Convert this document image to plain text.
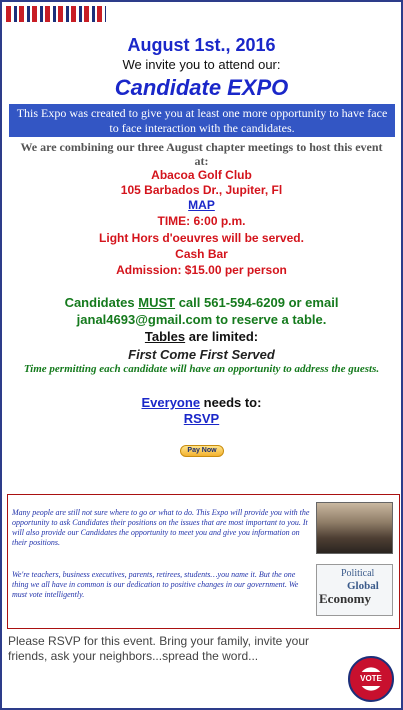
August 1st., 2016
We invite you to attend our:
Candidate EXPO
This Expo was created to give you at least one more opportunity to have face to face interaction with the candidates.
We are combining our three August chapter meetings to host this event at:
Abacoa Golf Club
105 Barbados Dr., Jupiter, Fl
MAP
TIME: 6:00 p.m.
Light Hors d'oeuvres will be served.
Cash Bar
Admission: $15.00 per person
Candidates MUST call 561-594-6209 or email
janal4693@gmail.com to reserve a table.
Tables are limited:
First Come First Served
Time permitting each candidate will have an opportunity to address the guests.
Everyone needs to:
RSVP
Pay Now
Many people are still not sure where to go or what to do. This Expo will provide you with the opportunity to ask Candidates their positions on the issues that are most important to you. It will also provide our Candidates the opportunity to meet you and give you information on their positions.
We're teachers, business executives, parents, retirees, students…you name it. But the one thing we all have in common is our dedication to positive changes in our government. We must vote intelligently.
Political
Global
Economy
Please RSVP for this event. Bring your family, invite your friends, ask your neighbors...spread the word...
VOTE
